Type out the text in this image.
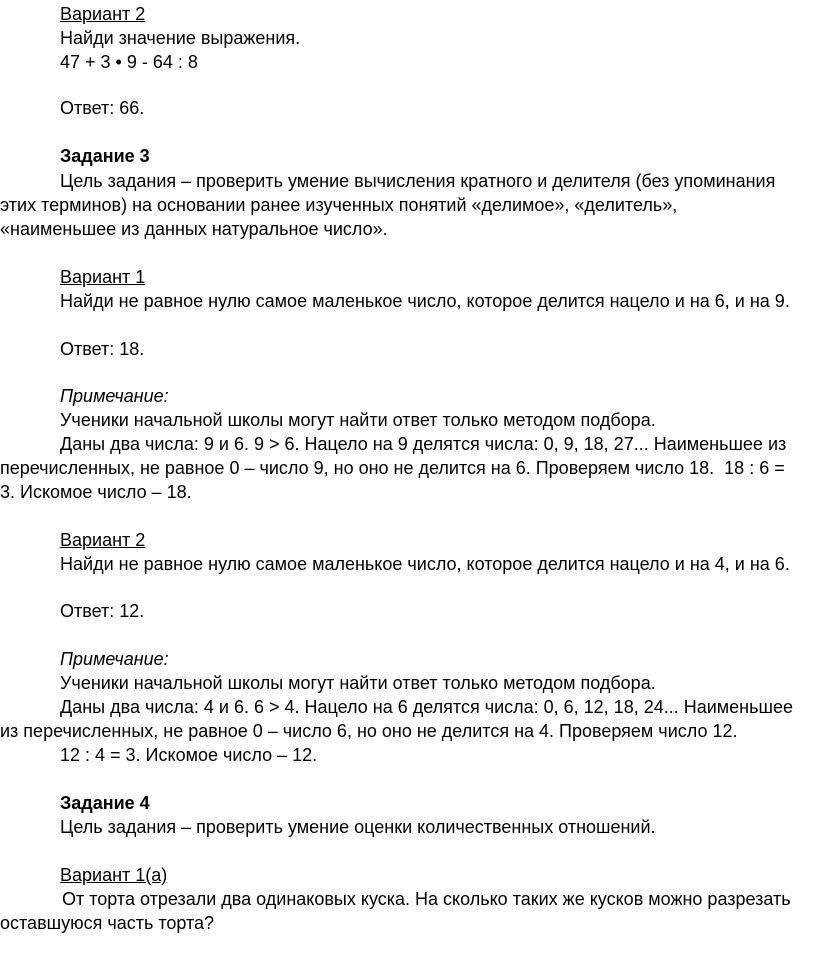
Вариант 2

Найди значение выражения.

47 + 3 • 9 - 64 : 8

Ответ: 66.

Задание 3

Цель задания – проверить умение вычисления кратного и делителя (без упоминания

этих терминов) на основании ранее изученных понятий «делимое», «делитель»,

«наименьшее из данных натуральное число».

Вариант 1

Найди не равное нулю самое маленькое число, которое делится нацело и на 6, и на 9.

Ответ: 18.

Примечание:

Ученики начальной школы могут найти ответ только методом подбора.

Даны два числа: 9 и 6. 9 > 6. Нацело на 9 делятся числа: 0, 9, 18, 27... Наименьшее из

перечисленных, не равное 0 – число 9, но оно не делится на 6. Проверяем число 18.  18 : 6 =

3. Искомое число – 18.

Вариант 2

Найди не равное нулю самое маленькое число, которое делится нацело и на 4, и на 6.

Ответ: 12.

Примечание:

Ученики начальной школы могут найти ответ только методом подбора.

Даны два числа: 4 и 6. 6 > 4. Нацело на 6 делятся числа: 0, 6, 12, 18, 24... Наименьшее

из перечисленных, не равное 0 – число 6, но оно не делится на 4. Проверяем число 12.

12 : 4 = 3. Искомое число – 12.

Задание 4

Цель задания – проверить умение оценки количественных отношений.

Вариант 1(а)

От торта отрезали два одинаковых куска. На сколько таких же кусков можно разрезать

оставшуюся часть торта?
